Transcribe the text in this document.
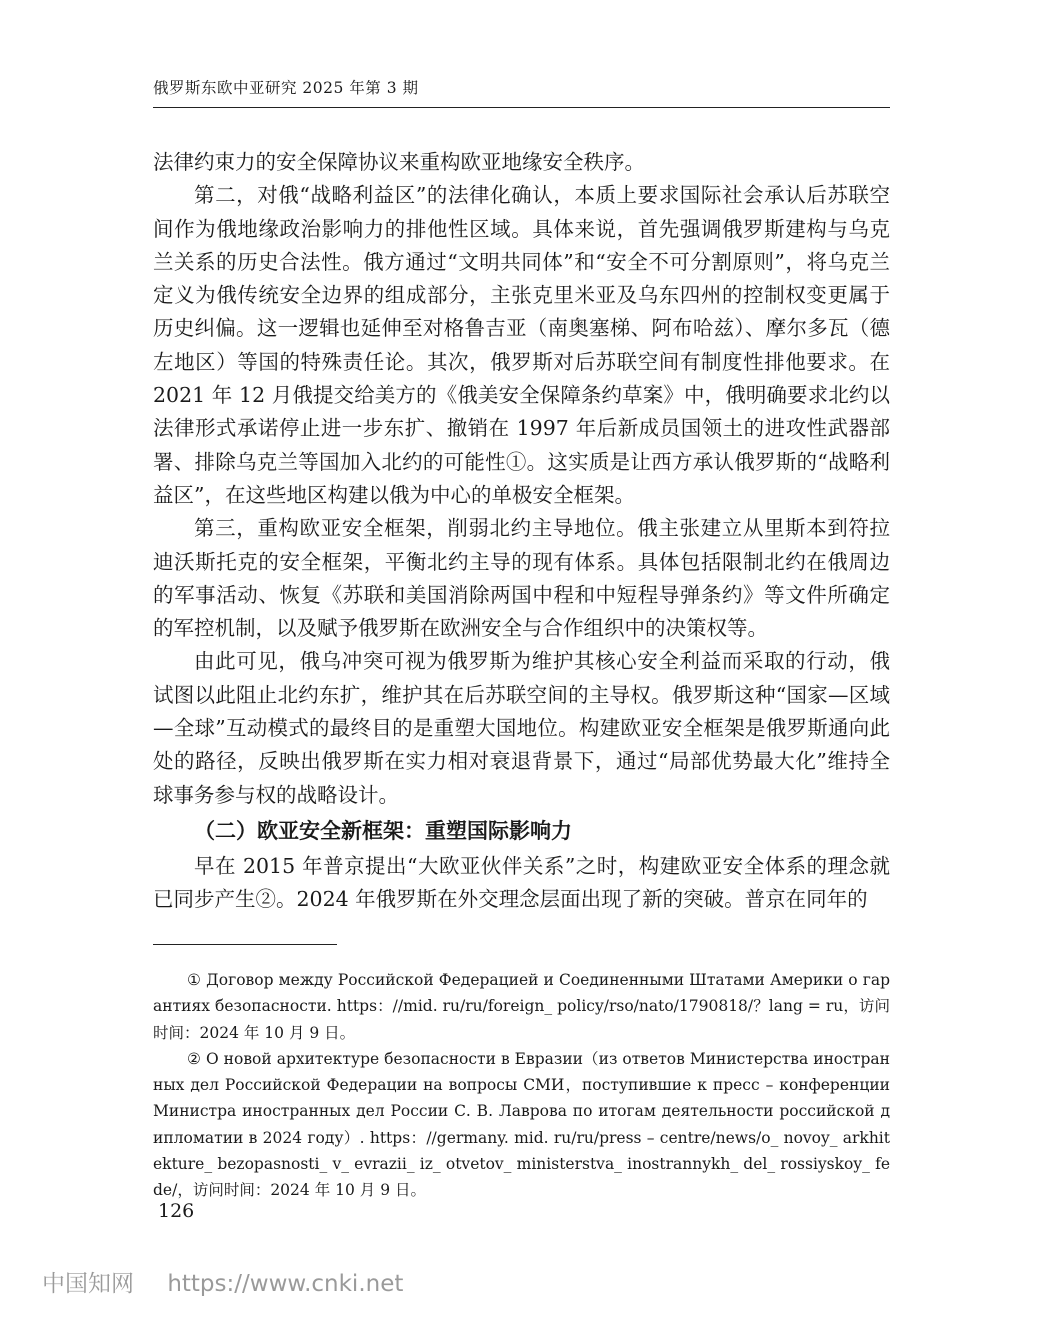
俄罗斯东欧中亚研究 2025 年第 3 期

法律约束力的安全保障协议来重构欧亚地缘安全秩序。

第二，对俄“战略利益区”的法律化确认，本质上要求国际社会承认后苏联空间作为俄地缘政治影响力的排他性区域。具体来说，首先强调俄罗斯建构与乌克兰关系的历史合法性。俄方通过“文明共同体”和“安全不可分割原则”，将乌克兰定义为俄传统安全边界的组成部分，主张克里米亚及乌东四州的控制权变更属于历史纠偏。这一逻辑也延伸至对格鲁吉亚（南奥塞梯、阿布哈兹）、摩尔多瓦（德左地区）等国的特殊责任论。其次，俄罗斯对后苏联空间有制度性排他要求。在 2021 年 12 月俄提交给美方的《俄美安全保障条约草案》中，俄明确要求北约以法律形式承诺停止进一步东扩、撤销在 1997 年后新成员国领土的进攻性武器部署、排除乌克兰等国加入北约的可能性①。这实质是让西方承认俄罗斯的“战略利益区”，在这些地区构建以俄为中心的单极安全框架。

第三，重构欧亚安全框架，削弱北约主导地位。俄主张建立从里斯本到符拉迪沃斯托克的安全框架，平衡北约主导的现有体系。具体包括限制北约在俄周边的军事活动、恢复《苏联和美国消除两国中程和中短程导弹条约》等文件所确定的军控机制，以及赋予俄罗斯在欧洲安全与合作组织中的决策权等。

由此可见，俄乌冲突可视为俄罗斯为维护其核心安全利益而采取的行动，俄试图以此阻止北约东扩，维护其在后苏联空间的主导权。俄罗斯这种“国家—区域—全球”互动模式的最终目的是重塑大国地位。构建欧亚安全框架是俄罗斯通向此处的路径，反映出俄罗斯在实力相对衰退背景下，通过“局部优势最大化”维持全球事务参与权的战略设计。

（二）欧亚安全新框架：重塑国际影响力

早在 2015 年普京提出“大欧亚伙伴关系”之时，构建欧亚安全体系的理念就已同步产生②。2024 年俄罗斯在外交理念层面出现了新的突破。普京在同年的

① Договор между Российской Федерацией и Соединенными Штатами Америки о гарантиях безопасности. https：//mid. ru/ru/foreign_ policy/rso/nato/1790818/？lang = ru，访问时间：2024 年 10 月 9 日。

② О новой архитектуре безопасности в Евразии（из ответов Министерства иностранных дел Российской Федерации на вопросы СМИ，поступившие к пресс – конференции Министра иностранных дел России С. В. Лаврова по итогам деятельности российской дипломатии в 2024 году）. https：//germany. mid. ru/ru/press – centre/news/o_ novoy_ arkhitekture_ bezopasnosti_ v_ evrazii_ iz_ otvetov_ ministerstva_ inostrannykh_ del_ rossiyskoy_ fede/，访问时间：2024 年 10 月 9 日。

126
中国知网 https://www.cnki.net
